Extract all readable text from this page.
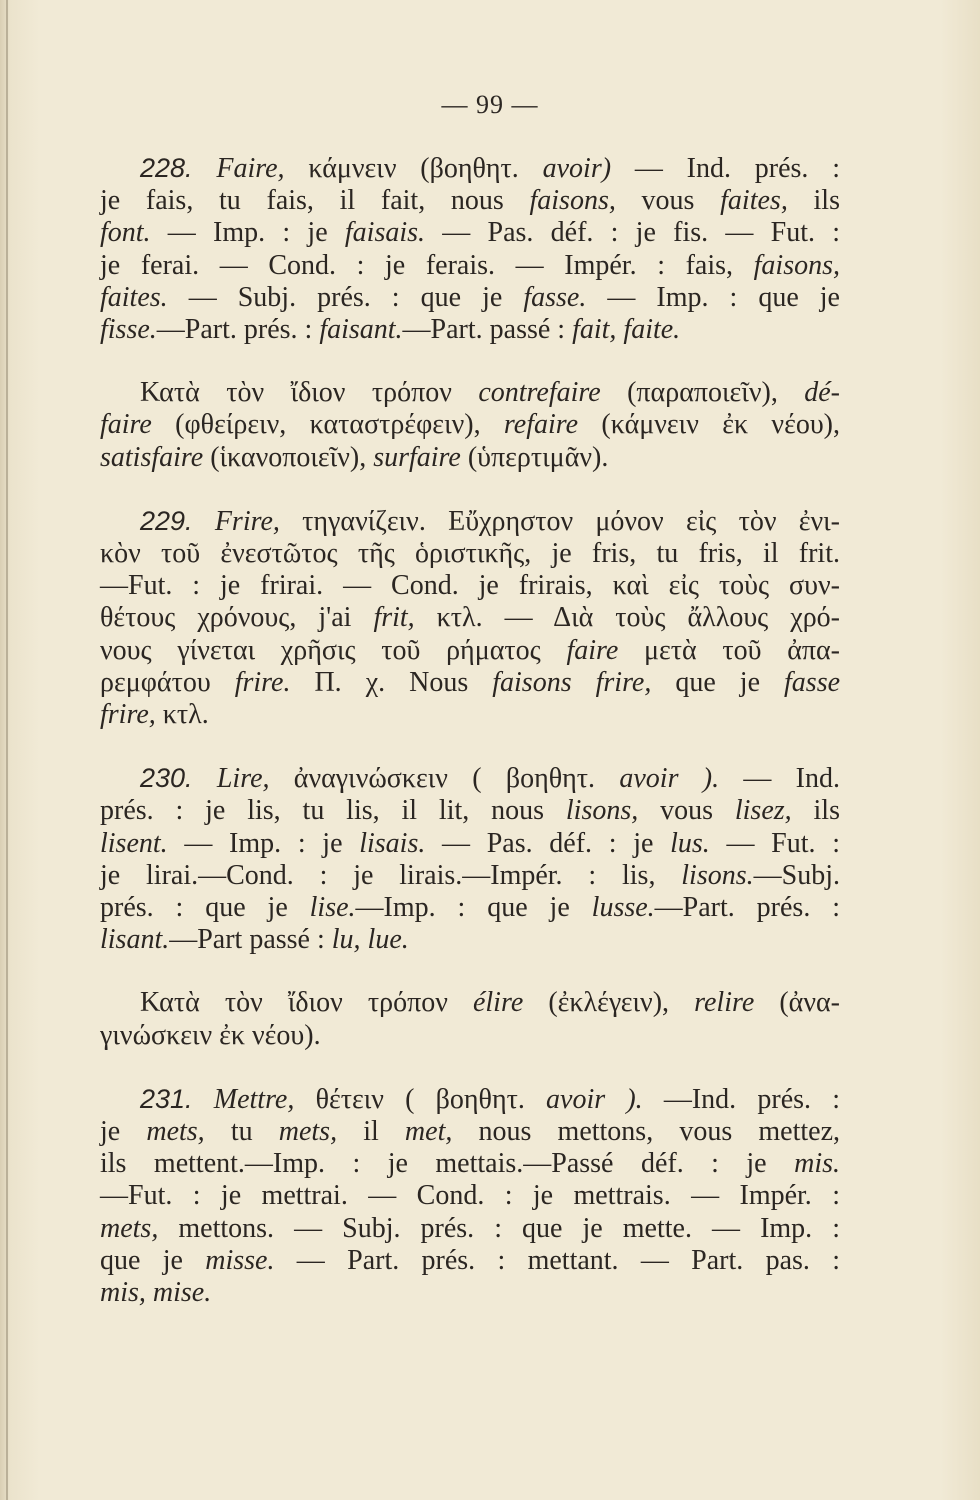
— 99 —
228. Faire, κάμνειν (βοηθητ. avoir) — Ind. prés. :
je fais, tu fais, il fait, nous faisons, vous faites, ils
font. — Imp. : je faisais. — Pas. déf. : je fis. — Fut. :
je ferai. — Cond. : je ferais. — Impér. : fais, faisons,
faites. — Subj. prés. : que je fasse. — Imp. : que je
fisse.—Part. prés. : faisant.—Part. passé : fait, faite.
Κατὰ τὸν ἴδιον τρόπον contrefaire (παραποιεῖν), dé-
faire (φθείρειν, καταστρέφειν), refaire (κάμνειν ἐκ νέου),
satisfaire (ἱκανοποιεῖν), surfaire (ὑπερτιμᾶν).
229. Frire, τηγανίζειν. Εὔχρηστον μόνον εἰς τὸν ἐνι-
κὸν τοῦ ἐνεστῶτος τῆς ὁριστικῆς, je fris, tu fris, il frit.
—Fut. : je frirai. — Cond. je frirais, καὶ εἰς τοὺς συν-
θέτους χρόνους, j'ai frit, κτλ. — Διὰ τοὺς ἄλλους χρό-
νους γίνεται χρῆσις τοῦ ρήματος faire μετὰ τοῦ ἀπα-
ρεμφάτου frire. Π. χ. Nous faisons frire, que je fasse
frire, κτλ.
230. Lire, ἀναγινώσκειν ( βοηθητ. avoir ). — Ind.
prés. : je lis, tu lis, il lit, nous lisons, vous lisez, ils
lisent. — Imp. : je lisais. — Pas. déf. : je lus. — Fut. :
je lirai.—Cond. : je lirais.—Impér. : lis, lisons.—Subj.
prés. : que je lise.—Imp. : que je lusse.—Part. prés. :
lisant.—Part passé : lu, lue.
Κατὰ τὸν ἴδιον τρόπον élire (ἐκλέγειν), relire (ἀνα-
γινώσκειν ἐκ νέου).
231. Mettre, θέτειν ( βοηθητ. avoir ). —Ind. prés. :
je mets, tu mets, il met, nous mettons, vous mettez,
ils mettent.—Imp. : je mettais.—Passé déf. : je mis.
—Fut. : je mettrai. — Cond. : je mettrais. — Impér. :
mets, mettons. — Subj. prés. : que je mette. — Imp. :
que je misse. — Part. prés. : mettant. — Part. pas. :
mis, mise.
